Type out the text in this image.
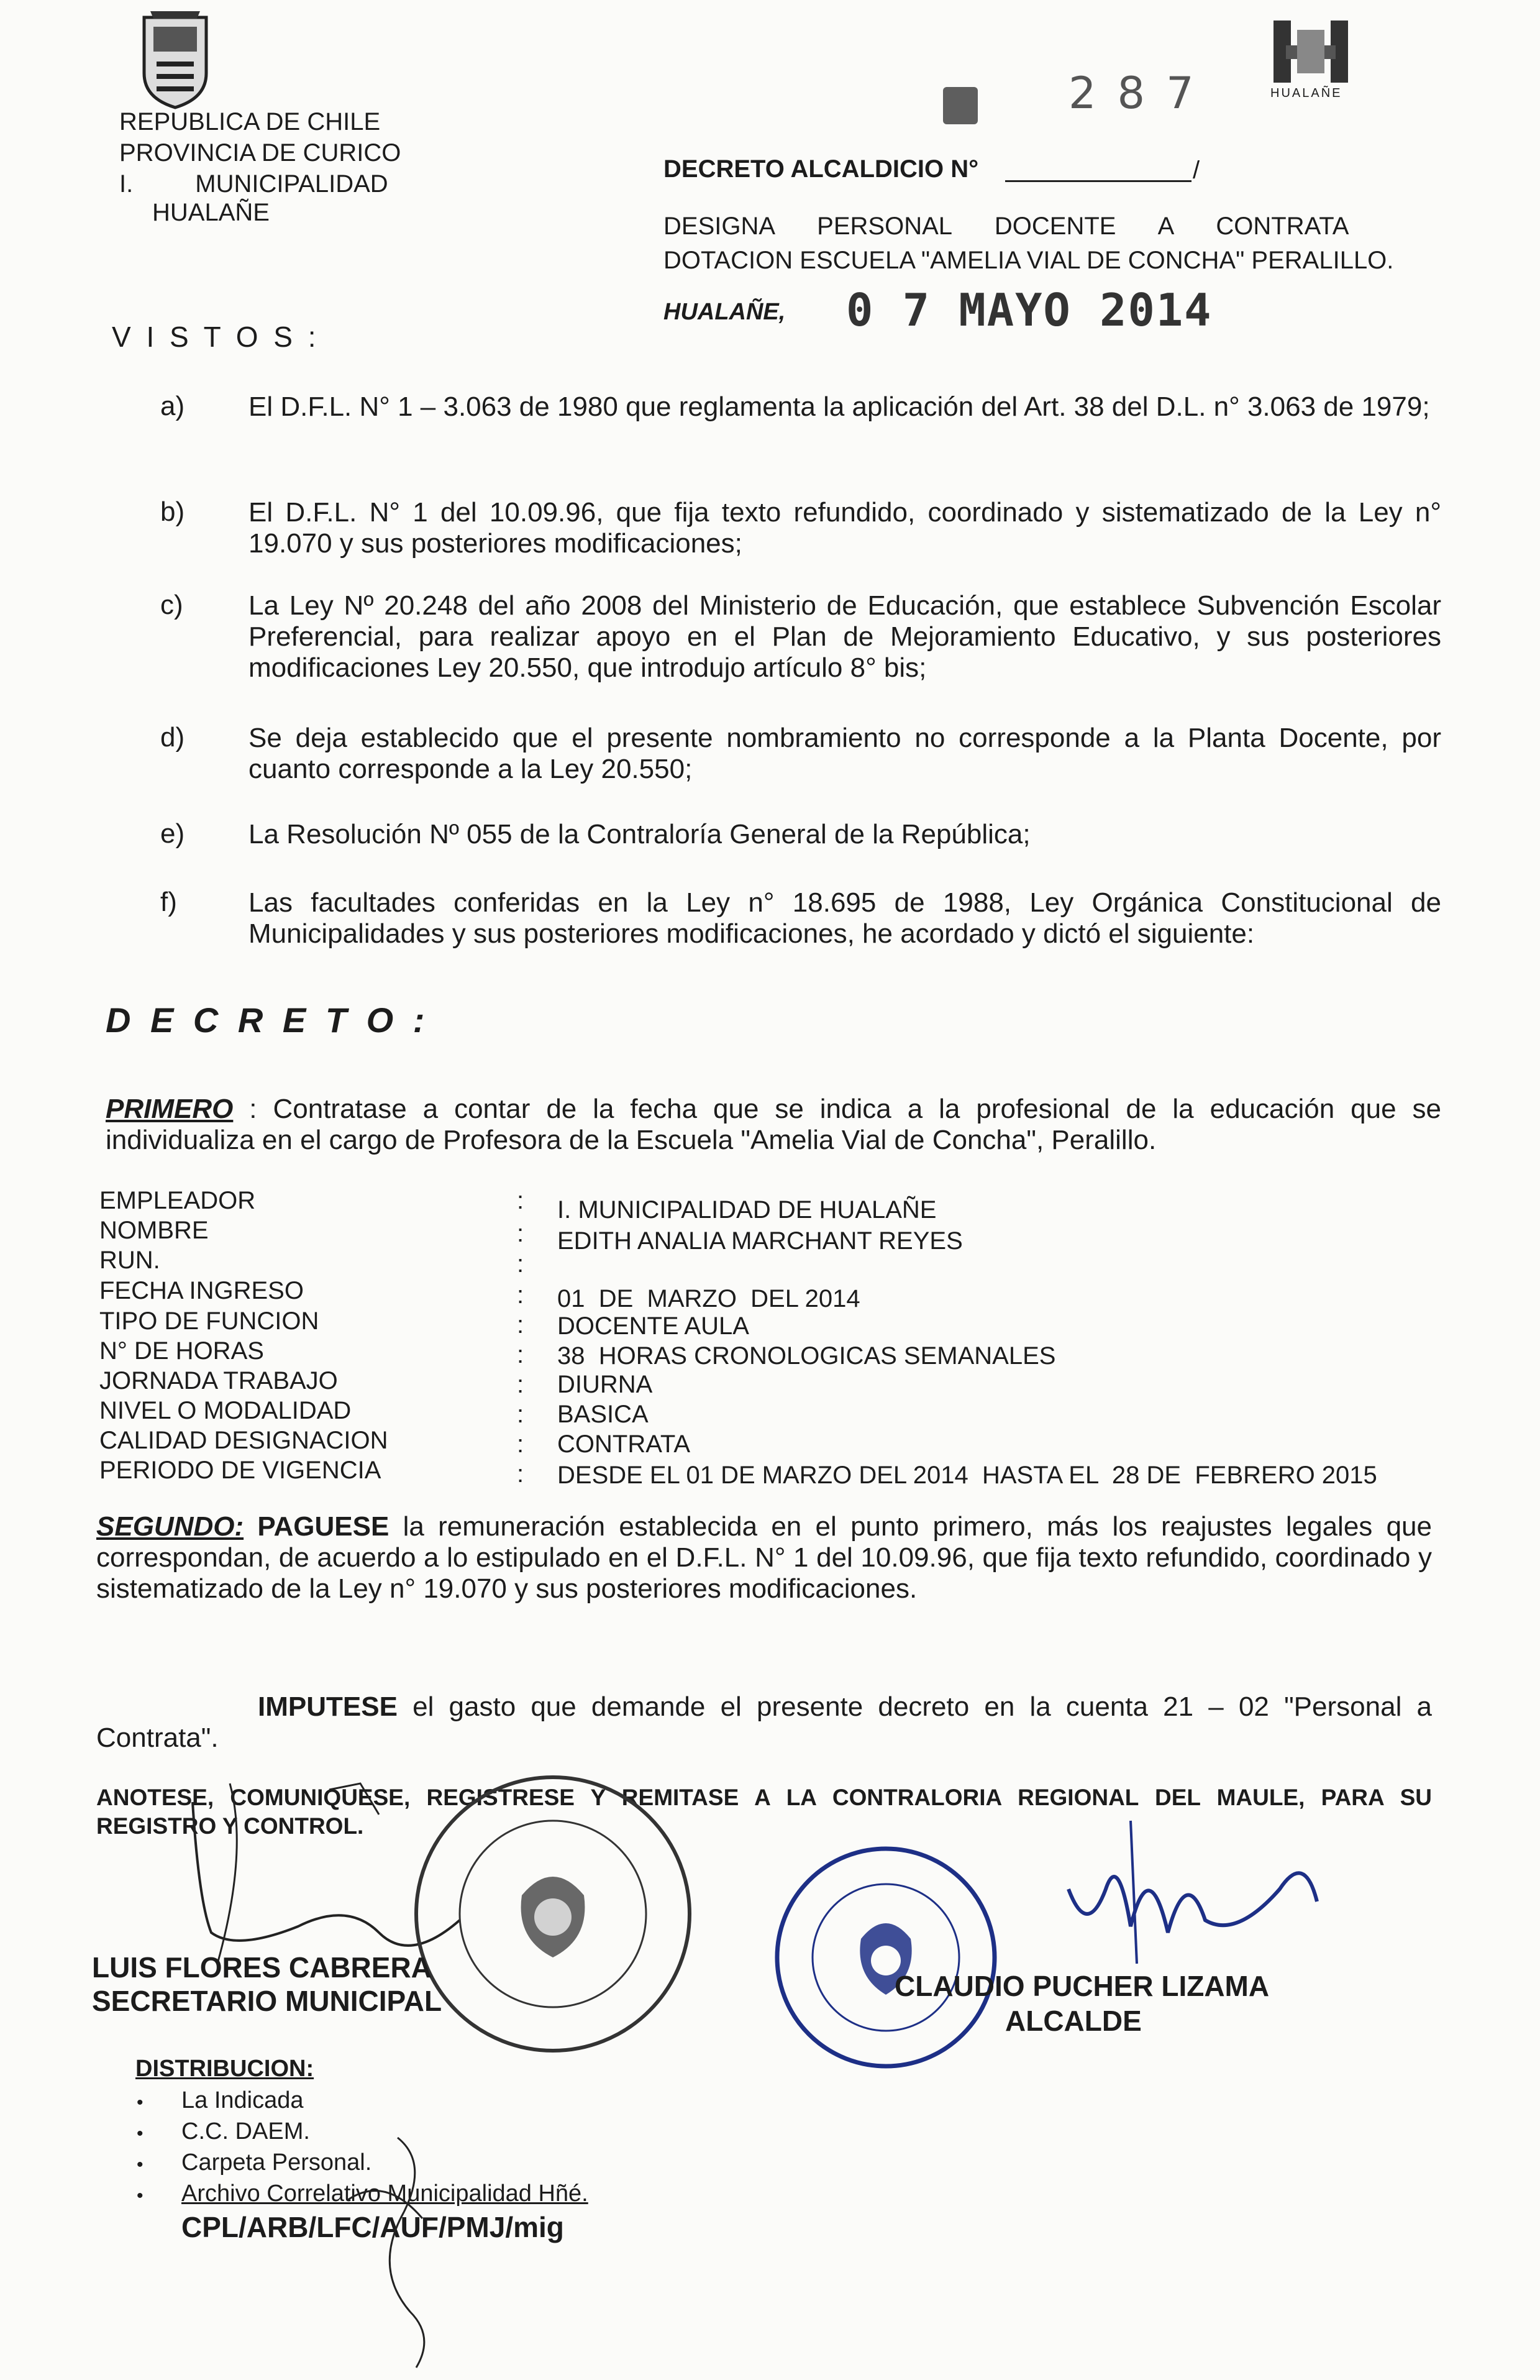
REPUBLICA DE CHILE
PROVINCIA DE CURICO
I.         MUNICIPALIDAD
HUALAÑE
287	HUALAÑE
DECRETO ALCALDICIO N°	/
DESIGNA   PERSONAL   DOCENTE   A   CONTRATA
DOTACION ESCUELA "AMELIA VIAL DE CONCHA" PERALILLO.
V I S T O S :
HUALAÑE, 0 7 MAYO 2014
a) El D.F.L. N° 1 – 3.063 de 1980 que reglamenta la aplicación del Art. 38 del D.L. n° 3.063 de 1979;
b) El D.F.L. N° 1 del 10.09.96, que fija texto refundido, coordinado y sistematizado de la Ley n° 19.070 y sus posteriores modificaciones;
c) La Ley Nº 20.248 del año 2008 del Ministerio de Educación, que establece Subvención Escolar Preferencial, para realizar apoyo en el Plan de Mejoramiento Educativo, y sus posteriores modificaciones Ley 20.550, que introdujo artículo 8° bis;
d) Se deja establecido que el presente nombramiento no corresponde a la Planta Docente, por cuanto corresponde a la Ley 20.550;
e) La Resolución Nº 055 de la Contraloría General de la República;
f)	Las facultades conferidas en la Ley n° 18.695 de 1988, Ley Orgánica Constitucional de Municipalidades y sus posteriores modificaciones, he acordado y dictó el siguiente:
D E C R E T O :
PRIMERO : Contratase a contar de la fecha que se indica a la profesional de la educación que se individualiza en el cargo de Profesora de la Escuela "Amelia Vial de Concha", Peralillo.
EMPLEADOR	: I. MUNICIPALIDAD DE HUALAÑE
NOMBRE	: EDITH ANALIA MARCHANT REYES
RUN.	:
FECHA INGRESO	: 01  DE  MARZO  DEL 2014
TIPO DE FUNCION	: DOCENTE AULA
N° DE HORAS	: 38  HORAS CRONOLOGICAS SEMANALES
JORNADA TRABAJO	: DIURNA
NIVEL O MODALIDAD	: BASICA
CALIDAD DESIGNACION	: CONTRATA
PERIODO DE VIGENCIA	: DESDE EL 01 DE MARZO DEL 2014  HASTA EL  28 DE  FEBRERO 2015
SEGUNDO: PAGUESE la remuneración establecida en el punto primero, más los reajustes legales que correspondan, de acuerdo a lo estipulado en el D.F.L. N° 1 del 10.09.96, que fija texto refundido, coordinado y sistematizado de la Ley n° 19.070 y sus posteriores modificaciones.
IMPUTESE el gasto que demande el presente decreto en la cuenta 21 – 02 "Personal a Contrata".
ANOTESE, COMUNIQUESE, REGISTRESE Y REMITASE A LA CONTRALORIA REGIONAL DEL MAULE, PARA SU REGISTRO Y CONTROL.
LUIS FLORES CABRERA
SECRETARIO MUNICIPAL	CLAUDIO PUCHER LIZAMA
ALCALDE
DISTRIBUCION:
• La Indicada
• C.C. DAEM.
• Carpeta Personal.
• Archivo Correlativo Municipalidad Hñé.
CPL/ARB/LFC/AUF/PMJ/mig
